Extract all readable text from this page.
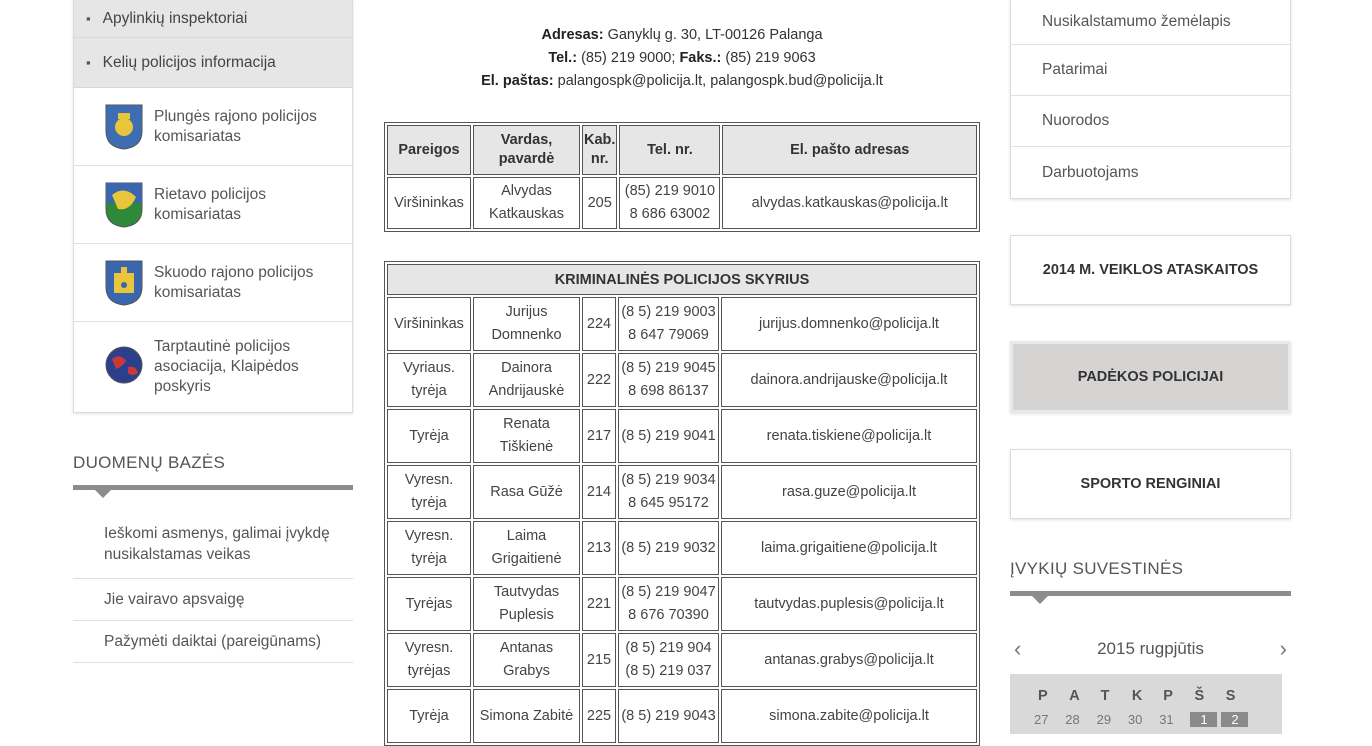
▪ Apylinkių inspektoriai
▪ Kelių policijos informacija
Plungės rajono policijos komisariatas
Rietavo policijos komisariatas
Skuodo rajono policijos komisariatas
Tarptautinė policijos asociacija, Klaipėdos poskyris
DUOMENŲ BAZĖS
Ieškomi asmenys, galimai įvykdę nusikalstamas veikas
Jie vairavo apsvaigę
Pažymėti daiktai (pareigūnams)
Adresas: Ganyklų g. 30, LT-00126 Palanga
Tel.: (85) 219 9000; Faks.: (85) 219 9063
El. paštas: palangospk@policija.lt, palangospk.bud@policija.lt
Pareigos	Vardas, pavardė	Kab. nr.	Tel. nr.	El. pašto adresas
Viršininkas	Alvydas Katkauskas	205	(85) 219 9010 8 686 63002	alvydas.katkauskas@policija.lt
KRIMINALINĖS POLICIJOS SKYRIUS				
Viršininkas	Jurijus Domnenko	224	(8 5) 219 9003 8 647 79069	jurijus.domnenko@policija.lt
Vyriaus. tyrėja	Dainora Andrijauskė	222	(8 5) 219 9045 8 698 86137	dainora.andrijauske@policija.lt
Tyrėja	Renata Tiškienė	217	(8 5) 219 9041	renata.tiskiene@policija.lt
Vyresn. tyrėja	Rasa Gūžė	214	(8 5) 219 9034 8 645 95172	rasa.guze@policija.lt
Vyresn. tyrėja	Laima Grigaitienė	213	(8 5) 219 9032	laima.grigaitiene@policija.lt
Tyrėjas	Tautvydas Puplesis	221	(8 5) 219 9047 8 676 70390	tautvydas.puplesis@policija.lt
Vyresn. tyrėjas	Antanas Grabys	215	(8 5) 219 904 (8 5) 219 037	antanas.grabys@policija.lt
Tyrėja	Simona Zabitė	225	(8 5) 219 9043	simona.zabite@policija.lt
Nusikalstamumo žemėlapis
Patarimai
Nuorodos
Darbuotojams
2014 M. VEIKLOS ATASKAITOS
PADĖKOS POLICIJAI
SPORTO RENGINIAI
ĮVYKIŲ SUVESTINĖS
‹	2015 rugpjūtis	›
P	A	T	K	P	Š	S
27	28	29	30	31	1	2
